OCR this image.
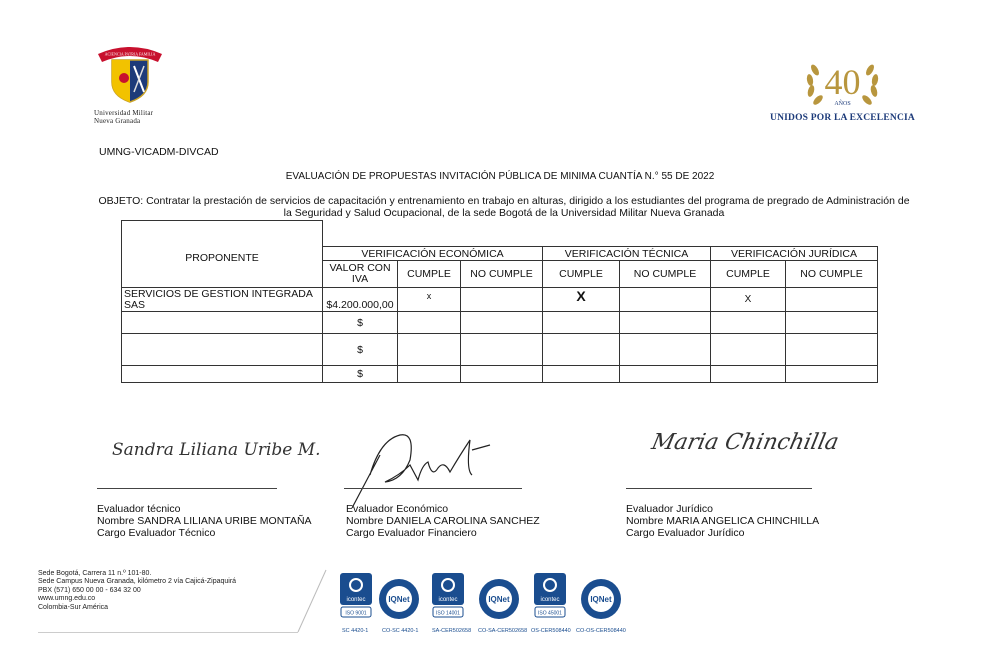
ACIENCIA PATRIA FAMILIA
Universidad Militar
Nueva Granada
40
AÑOS
UNIDOS POR LA EXCELENCIA
UMNG-VICADM-DIVCAD
EVALUACIÓN DE PROPUESTAS INVITACIÓN PÚBLICA DE MINIMA CUANTÍA N.° 55 DE 2022
OBJETO: Contratar la prestación de servicios de capacitación y entrenamiento en trabajo en alturas, dirigido a los estudiantes del programa de pregrado de Administración de la Seguridad y Salud Ocupacional, de la sede Bogotá de la Universidad Militar Nueva Granada
PROPONENTE							
	VERIFICACIÓN ECONÓMICA			VERIFICACIÓN TÉCNICA		VERIFICACIÓN JURÍDICA	
	VALOR CON IVA	CUMPLE	NO CUMPLE	CUMPLE	NO CUMPLE	CUMPLE	NO CUMPLE
SERVICIOS DE GESTION INTEGRADA SAS	$4.200.000,00	x		X		X	
	$						
	$						
	$						
Sandra Liliana Uribe M.
Evaluador técnico
Nombre SANDRA LILIANA URIBE MONTAÑA
Cargo Evaluador Técnico
Evaluador Económico
Nombre DANIELA CAROLINA SANCHEZ
Cargo Evaluador Financiero
Maria Chinchilla
Evaluador Jurídico
Nombre MARIA ANGELICA CHINCHILLA
Cargo Evaluador Jurídico
Sede Bogotá, Carrera 11 n.º 101-80.
Sede Campus Nueva Granada, kilómetro 2 vía Cajicá-Zipaquirá
PBX (571) 650 00 00 - 634 32 00
www.umng.edu.co
Colombia-Sur América
icontec
ISO 9001
IQNet	icontec
ISO 14001
IQNet	icontec
ISO 45001
IQNet
SC 4420-1 CO-SC 4420-1 SA-CER502658 CO-SA-CER502658 OS-CER508440 CO-OS-CER508440
